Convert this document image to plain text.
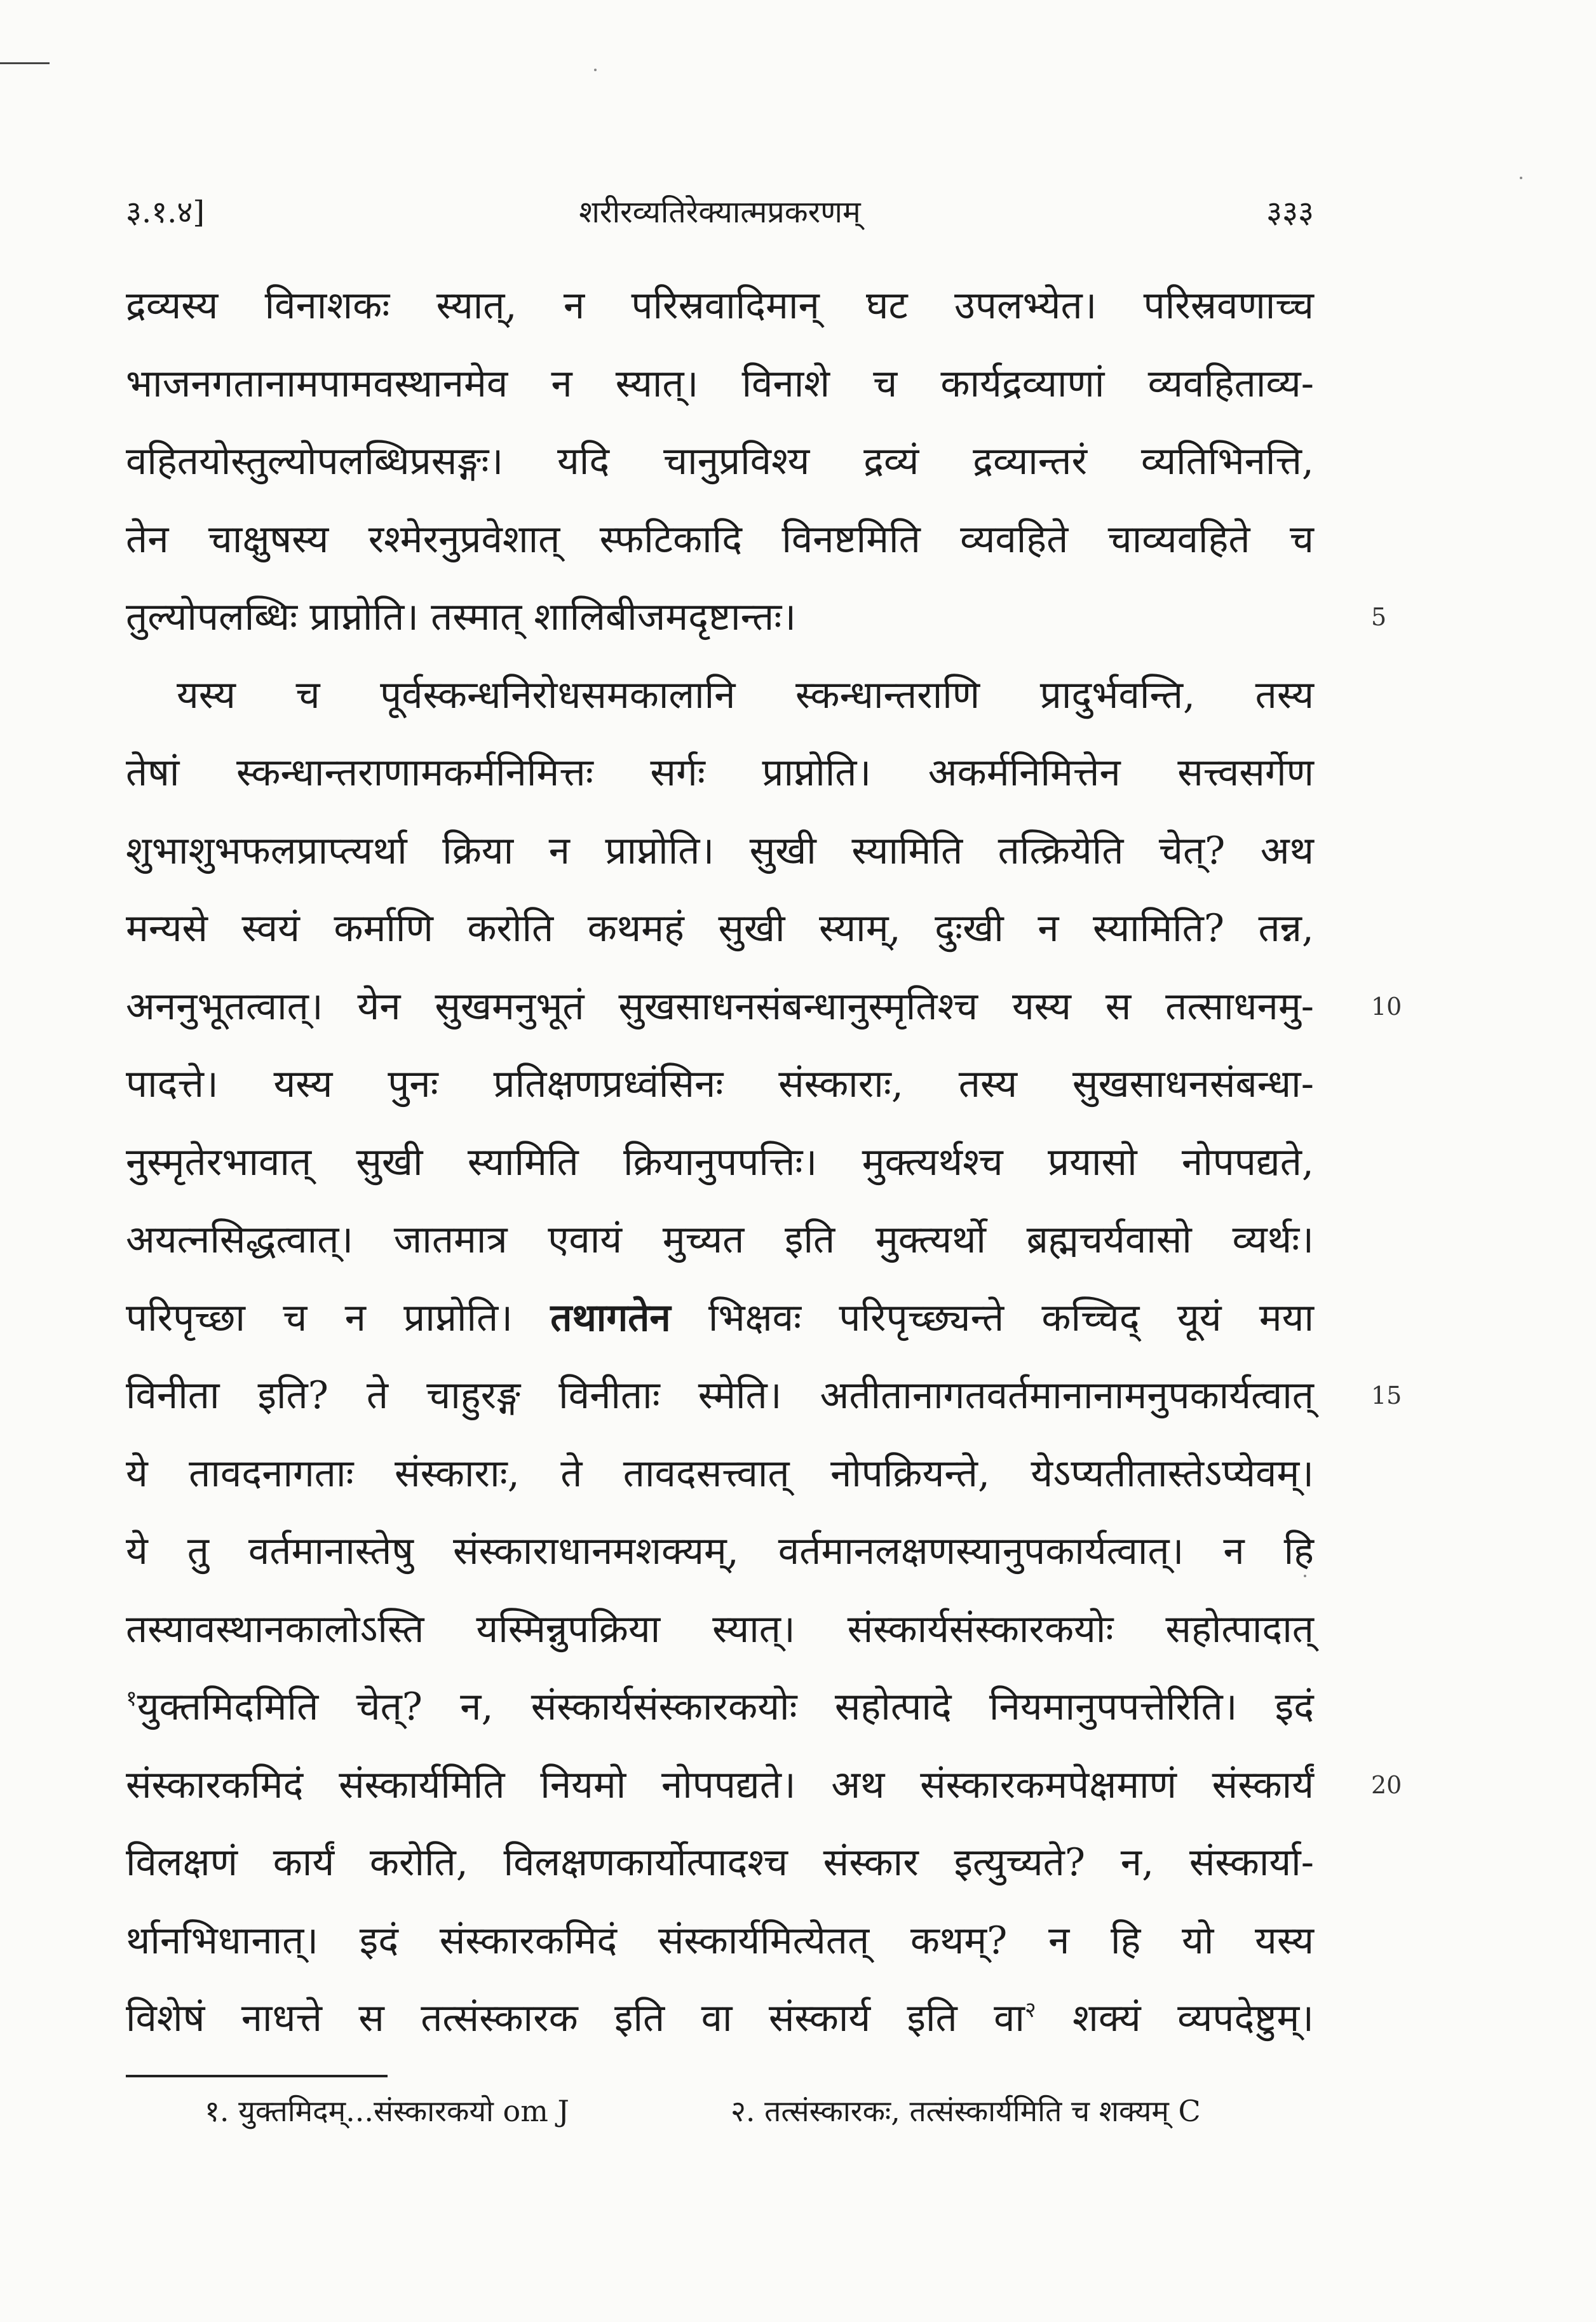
३.१.४]	शरीरव्यतिरेक्यात्मप्रकरणम्	३३३
द्रव्यस्य विनाशकः स्यात्, न परिस्रवादिमान् घट उपलभ्येत। परिस्रवणाच्च
भाजनगतानामपामवस्थानमेव न स्यात्। विनाशे च कार्यद्रव्याणां व्यवहिताव्य-
वहितयोस्तुल्योपलब्धिप्रसङ्गः। यदि चानुप्रविश्य द्रव्यं द्रव्यान्तरं व्यतिभिनत्ति,
तेन चाक्षुषस्य रश्मेरनुप्रवेशात् स्फटिकादि विनष्टमिति व्यवहिते चाव्यवहिते च
तुल्योपलब्धिः प्राप्नोति। तस्मात् शालिबीजमदृष्टान्तः।	5
यस्य च पूर्वस्कन्धनिरोधसमकालानि स्कन्धान्तराणि प्रादुर्भवन्ति, तस्य
तेषां स्कन्धान्तराणामकर्मनिमित्तः सर्गः प्राप्नोति। अकर्मनिमित्तेन सत्त्वसर्गेण
शुभाशुभफलप्राप्त्यर्था क्रिया न प्राप्नोति। सुखी स्यामिति तत्क्रियेति चेत्? अथ
मन्यसे स्वयं कर्माणि करोति कथमहं सुखी स्याम्, दुःखी न स्यामिति? तन्न,
अननुभूतत्वात्। येन सुखमनुभूतं सुखसाधनसंबन्धानुस्मृतिश्च यस्य स तत्साधनमु- 10
पादत्ते। यस्य पुनः प्रतिक्षणप्रध्वंसिनः संस्काराः, तस्य सुखसाधनसंबन्धा-
नुस्मृतेरभावात् सुखी स्यामिति क्रियानुपपत्तिः। मुक्त्यर्थश्च प्रयासो नोपपद्यते,
अयत्नसिद्धत्वात्। जातमात्र एवायं मुच्यत इति मुक्त्यर्थो ब्रह्मचर्यवासो व्यर्थः।
परिपृच्छा च न प्राप्नोति। तथागतेन भिक्षवः परिपृच्छ्यन्ते कच्चिद् यूयं मया
विनीता इति? ते चाहुरङ्ग विनीताः स्मेति। अतीतानागतवर्तमानानामनुपकार्यत्वात् 15
ये तावदनागताः संस्काराः, ते तावदसत्त्वात् नोपक्रियन्ते, येऽप्यतीतास्तेऽप्येवम्।
ये तु वर्तमानास्तेषु संस्काराधानमशक्यम्, वर्तमानलक्षणस्यानुपकार्यत्वात्। न हि
तस्यावस्थानकालोऽस्ति यस्मिन्नुपक्रिया स्यात्। संस्कार्यसंस्कारकयोः सहोत्पादात्
$^१$युक्तमिदमिति चेत्? न, संस्कार्यसंस्कारकयोः सहोत्पादे नियमानुपपत्तेरिति। इदं
संस्कारकमिदं संस्कार्यमिति नियमो नोपपद्यते। अथ संस्कारकमपेक्षमाणं संस्कार्यं 20
विलक्षणं कार्यं करोति, विलक्षणकार्योत्पादश्च संस्कार इत्युच्यते? न, संस्कार्या-
र्थानभिधानात्। इदं संस्कारकमिदं संस्कार्यमित्येतत् कथम्? न हि यो यस्य
विशेषं नाधत्ते स तत्संस्कारक इति वा संस्कार्य इति वा$^२$ शक्यं व्यपदेष्टुम्।
१. युक्तमिदम्...संस्कारकयो om J	२. तत्संस्कारकः, तत्संस्कार्यमिति च शक्यम् C
